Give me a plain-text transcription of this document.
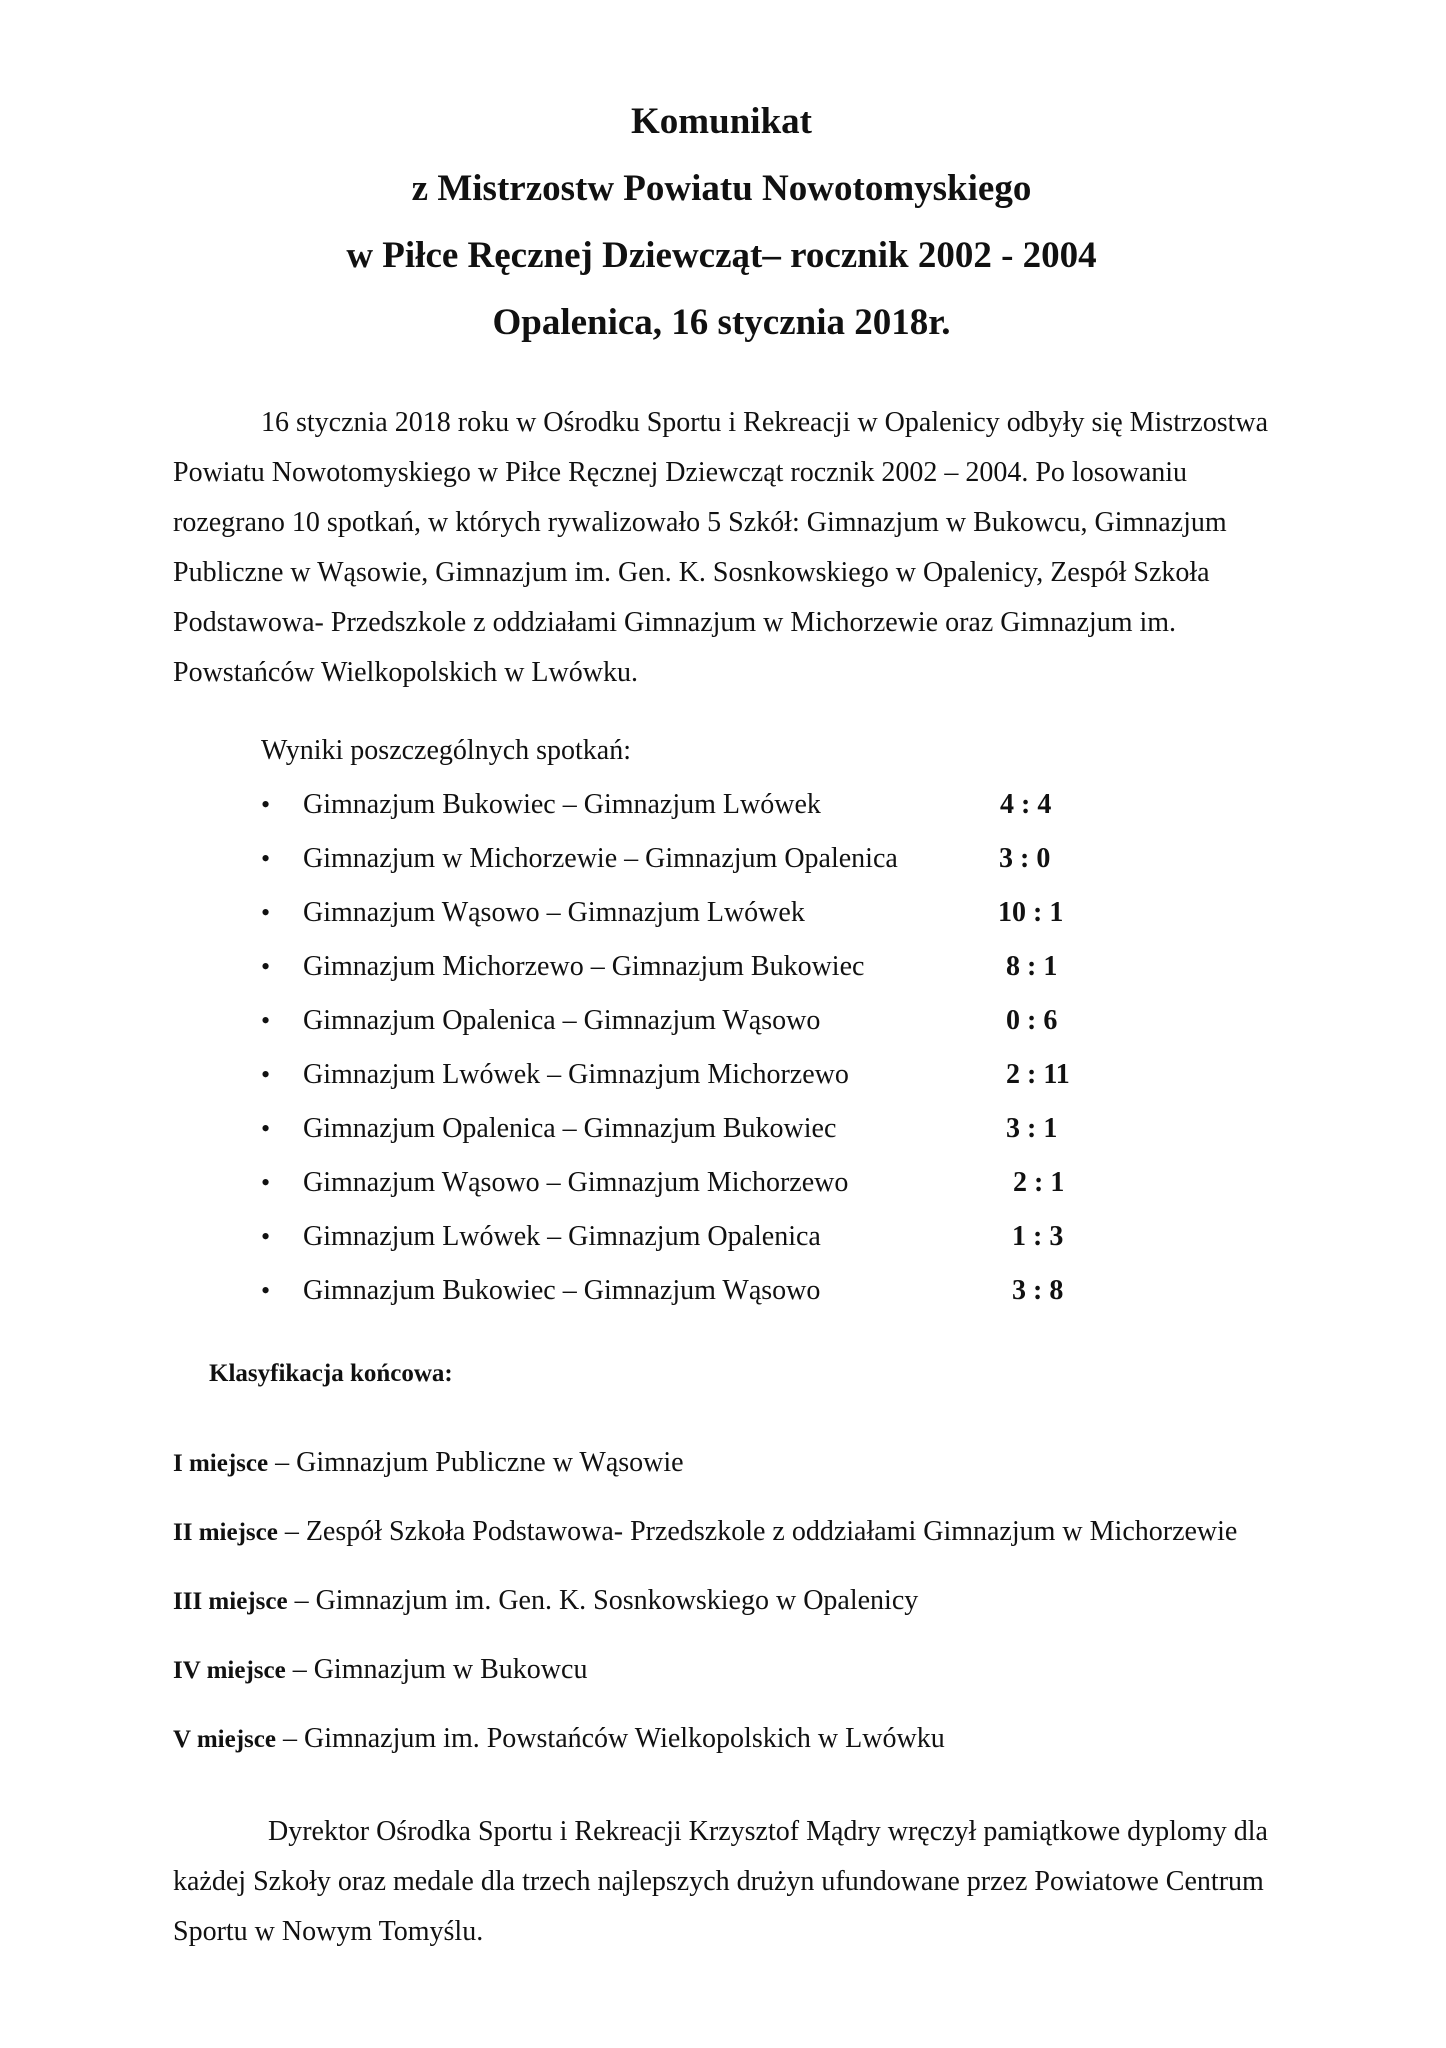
Komunikat
z Mistrzostw Powiatu Nowotomyskiego
w Piłce Ręcznej Dziewcząt– rocznik 2002 - 2004
Opalenica, 16 stycznia 2018r.

16 stycznia 2018 roku w Ośrodku Sportu i Rekreacji w Opalenicy odbyły się Mistrzostwa Powiatu Nowotomyskiego w Piłce Ręcznej Dziewcząt rocznik 2002 – 2004. Po losowaniu rozegrano 10 spotkań, w których rywalizowało 5 Szkół: Gimnazjum w Bukowcu, Gimnazjum Publiczne w Wąsowie, Gimnazjum im. Gen. K. Sosnkowskiego w Opalenicy, Zespół Szkoła Podstawowa- Przedszkole z oddziałami Gimnazjum w Michorzewie oraz Gimnazjum im. Powstańców Wielkopolskich w Lwówku.

Wyniki poszczególnych spotkań:
• Gimnazjum Bukowiec – Gimnazjum Lwówek	4 : 4
• Gimnazjum w Michorzewie – Gimnazjum Opalenica	3 : 0
• Gimnazjum Wąsowo – Gimnazjum Lwówek	10 : 1
• Gimnazjum Michorzewo – Gimnazjum Bukowiec	8 : 1
• Gimnazjum Opalenica – Gimnazjum Wąsowo	0 : 6
• Gimnazjum Lwówek – Gimnazjum Michorzewo	2 : 11
• Gimnazjum Opalenica – Gimnazjum Bukowiec	3 : 1
• Gimnazjum Wąsowo – Gimnazjum Michorzewo	2 : 1
• Gimnazjum Lwówek – Gimnazjum Opalenica	1 : 3
• Gimnazjum Bukowiec – Gimnazjum Wąsowo	3 : 8
Klasyfikacja końcowa:
I miejsce – Gimnazjum Publiczne w Wąsowie
II miejsce – Zespół Szkoła Podstawowa- Przedszkole z oddziałami Gimnazjum w Michorzewie
III miejsce – Gimnazjum im. Gen. K. Sosnkowskiego w Opalenicy
IV miejsce – Gimnazjum w Bukowcu
V miejsce – Gimnazjum im. Powstańców Wielkopolskich w Lwówku

Dyrektor Ośrodka Sportu i Rekreacji Krzysztof Mądry wręczył pamiątkowe dyplomy dla każdej Szkoły oraz medale dla trzech najlepszych drużyn ufundowane przez Powiatowe Centrum Sportu w Nowym Tomyślu.
